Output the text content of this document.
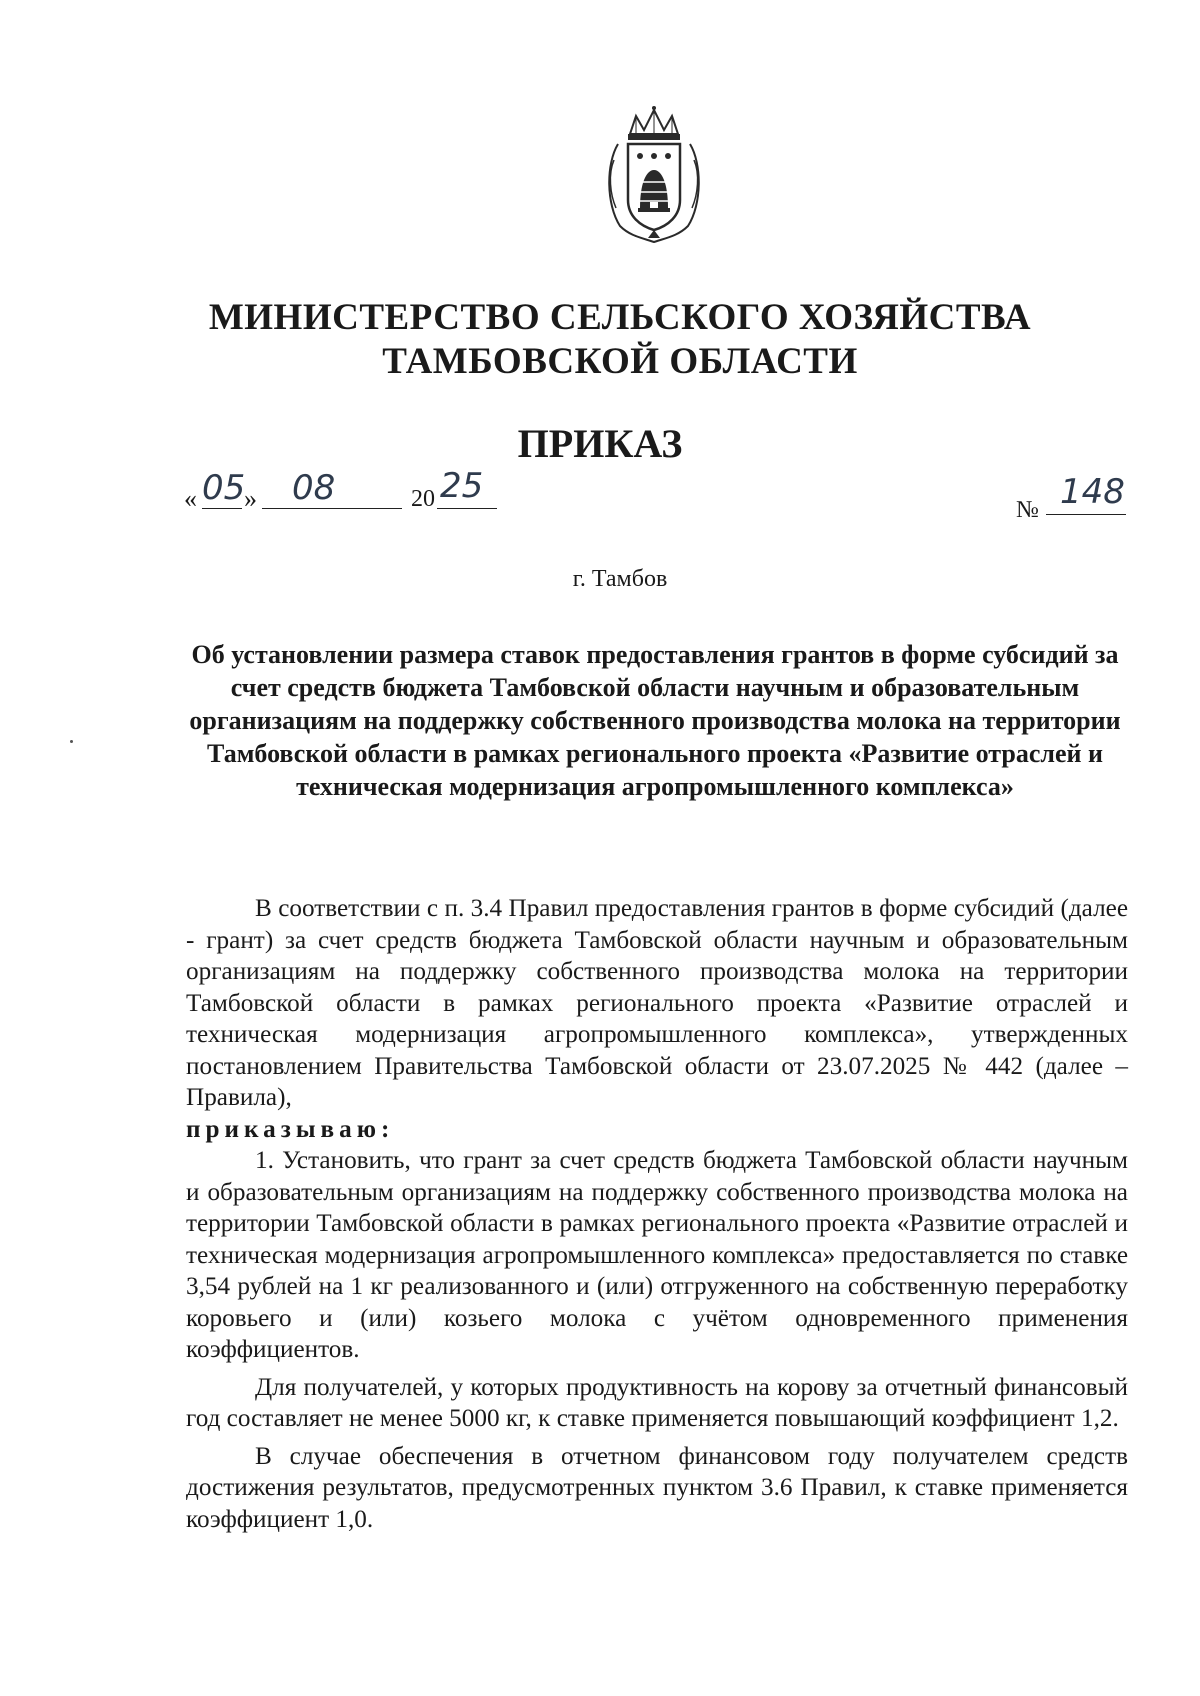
МИНИСТЕРСТВО СЕЛЬСКОГО ХОЗЯЙСТВА
ТАМБОВСКОЙ ОБЛАСТИ
ПРИКАЗ
« 05
» 08	20 25
№ 148
г. Тамбов
Об установлении размера ставок предоставления грантов в форме субсидий за счет средств бюджета Тамбовской области научным и образовательным организациям на поддержку собственного производства молока на территории Тамбовской области в рамках регионального проекта «Развитие отраслей и техническая модернизация агропромышленного комплекса»

В соответствии с п. 3.4 Правил предоставления грантов в форме субсидий (далее - грант) за счет средств бюджета Тамбовской области научным и образовательным организациям на поддержку собственного производства молока на территории Тамбовской области в рамках регионального проекта «Развитие отраслей и техническая модернизация агропромышленного комплекса», утвержденных постановлением Правительства Тамбовской области от 23.07.2025 № 442 (далее – Правила),

приказываю:

1. Установить, что грант за счет средств бюджета Тамбовской области научным и образовательным организациям на поддержку собственного производства молока на территории Тамбовской области в рамках регионального проекта «Развитие отраслей и техническая модернизация агропромышленного комплекса» предоставляется по ставке 3,54 рублей на 1 кг реализованного и (или) отгруженного на собственную переработку коровьего и (или) козьего молока с учётом одновременного применения коэффициентов.

Для получателей, у которых продуктивность на корову за отчетный финансовый год составляет не менее 5000 кг, к ставке применяется повышающий коэффициент 1,2.

В случае обеспечения в отчетном финансовом году получателем средств достижения результатов, предусмотренных пунктом 3.6 Правил, к ставке применяется коэффициент 1,0.
